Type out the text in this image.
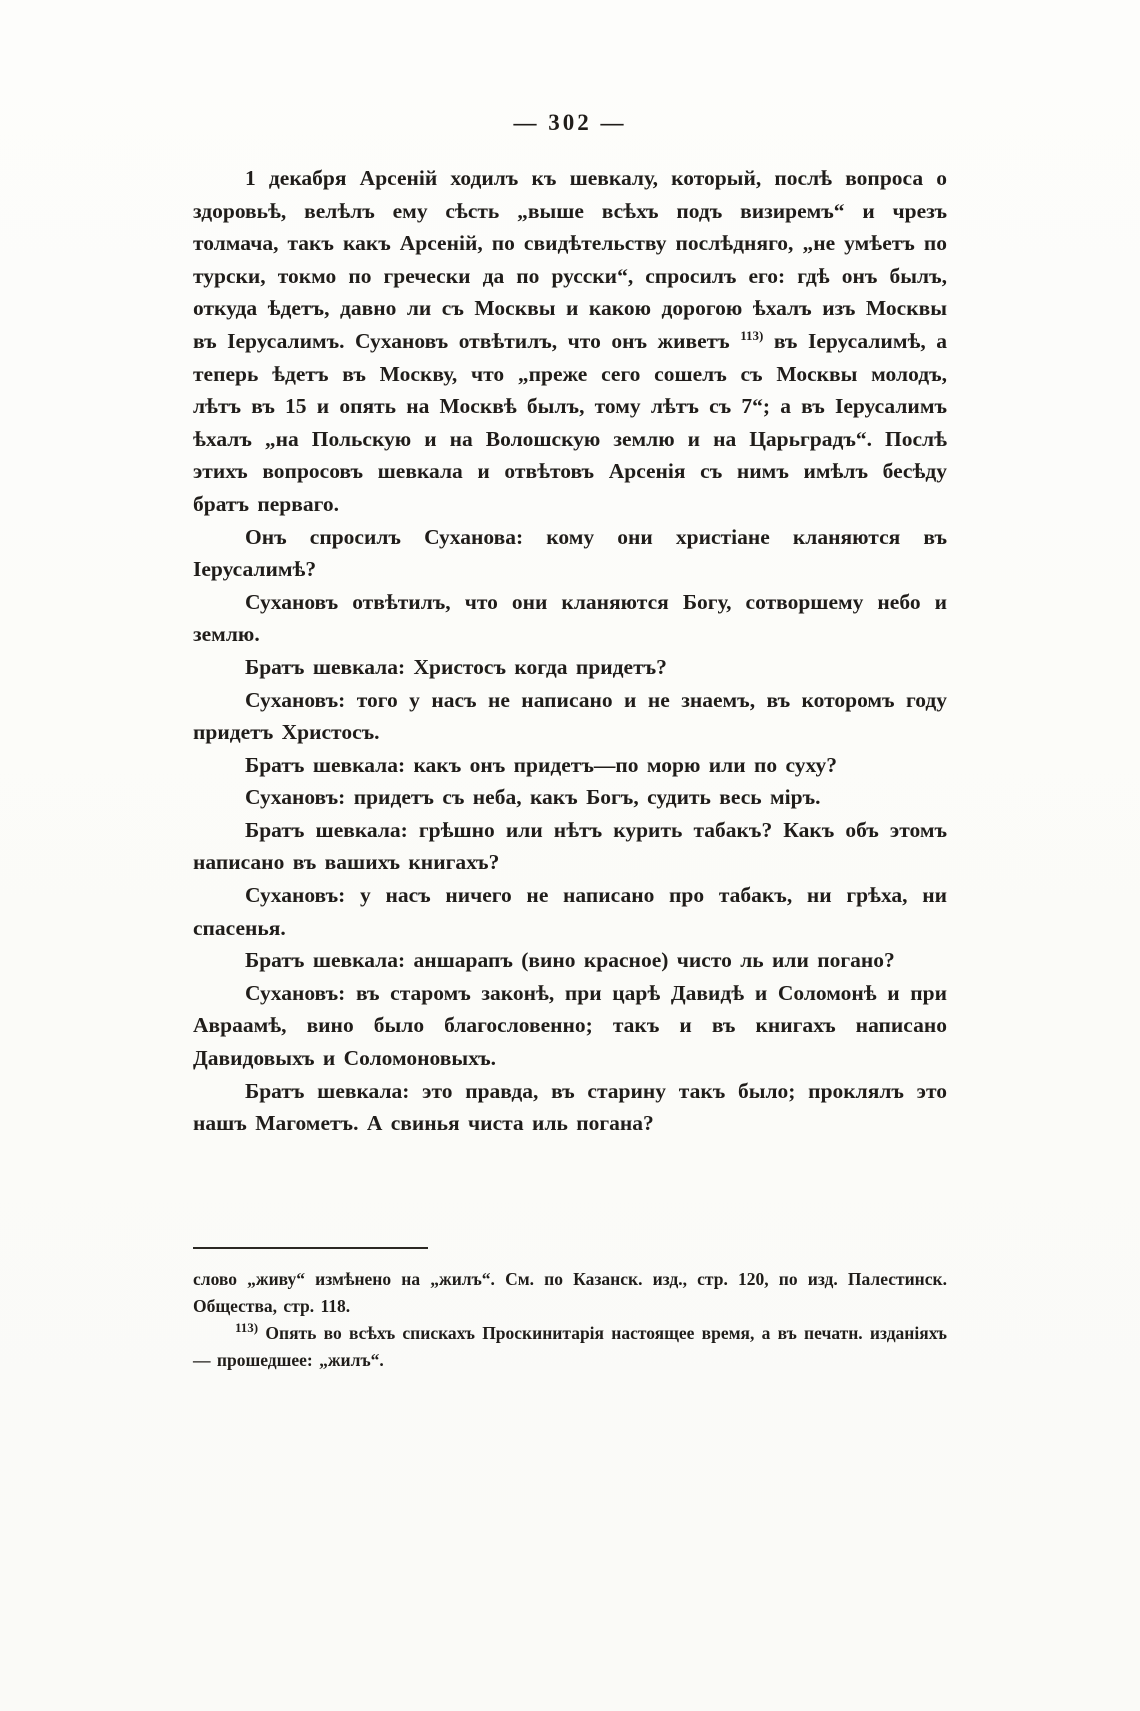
— 302 —

1 декабря Арсеній ходилъ къ шевкалу, который, послѣ вопроса о здоровьѣ, велѣлъ ему сѣсть „выше всѣхъ подъ визиремъ“ и чрезъ толмача, такъ какъ Арсеній, по свидѣтельству послѣдняго, „не умѣетъ по турски, токмо по гречески да по русски“, спросилъ его: гдѣ онъ былъ, откуда ѣдетъ, давно ли съ Москвы и какою дорогою ѣхалъ изъ Москвы въ Іерусалимъ. Сухановъ отвѣтилъ, что онъ живетъ $^{113)}$ въ Іерусалимѣ, а теперь ѣдетъ въ Москву, что „преже сего сошелъ съ Москвы молодъ, лѣтъ въ 15 и опять на Москвѣ былъ, тому лѣтъ съ 7“; а въ Іерусалимъ ѣхалъ „на Польскую и на Волошскую землю и на Царьградъ“. Послѣ этихъ вопросовъ шевкала и отвѣтовъ Арсенія съ нимъ имѣлъ бесѣду братъ перваго.

Онъ спросилъ Суханова: кому они христіане кланяются въ Іерусалимѣ?

Сухановъ отвѣтилъ, что они кланяются Богу, сотворшему небо и землю.

Братъ шевкала: Христосъ когда придетъ?

Сухановъ: того у насъ не написано и не знаемъ, въ которомъ году придетъ Христосъ.

Братъ шевкала: какъ онъ придетъ—по морю или по суху?

Сухановъ: придетъ съ неба, какъ Богъ, судить весь міръ.

Братъ шевкала: грѣшно или нѣтъ курить табакъ? Какъ объ этомъ написано въ вашихъ книгахъ?

Сухановъ: у насъ ничего не написано про табакъ, ни грѣха, ни спасенья.

Братъ шевкала: аншарапъ (вино красное) чисто ль или погано?

Сухановъ: въ старомъ законѣ, при царѣ Давидѣ и Соломонѣ и при Авраамѣ, вино было благословенно; такъ и въ книгахъ написано Давидовыхъ и Соломоновыхъ.

Братъ шевкала: это правда, въ старину такъ было; проклялъ это нашъ Магометъ. А свинья чиста иль погана?

слово „живу“ измѣнено на „жилъ“. См. по Казанск. изд., стр. 120, по изд. Палестинск. Общества, стр. 118.

$^{113)}$ Опять во всѣхъ спискахъ Проскинитарія настоящее время, а въ печатн. изданіяхъ — прошедшее: „жилъ“.
